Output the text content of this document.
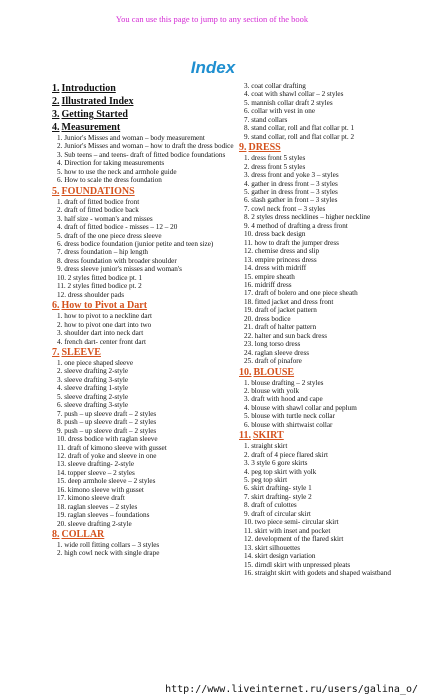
You can use this page to jump to any section of the book
Index
1. Introduction
2. Illustrated Index
3. Getting Started
4. Measurement
1. Junior's Misses and woman – body measurement
2. Junior's Misses and woman – how to draft the dress bodice
3. Sub teens – and teens- draft of fitted bodice foundations
4. Direction for taking measurements
5. how to use the neck and armhole guide
6. How to scale the dress foundation
5. FOUNDATIONS
1. draft of fitted bodice front
2. draft of fitted bodice back
3. half size - woman's and misses
4. draft of fitted bodice - misses – 12 – 20
5. draft of the one piece dress sleeve
6. dress bodice foundation (junior petite and teen size)
7. dress foundation – hip length
8. dress foundation with broader shoulder
9. dress sleeve junior's misses and woman's
10. 2 styles fitted bodice pt. 1
11. 2 styles fitted bodice pt. 2
12. dress shoulder pads
6. How to Pivot a Dart
1. how to pivot to a neckline dart
2. how to pivot one dart into two
3. shoulder dart into neck dart
4. french dart- center front dart
7. SLEEVE
1. one piece shaped sleeve
2. sleeve drafting 2-style
3. sleeve drafting 3-style
4. sleeve drafting 1-style
5. sleeve drafting 2-style
6. sleeve drafting 3-style
7. push – up sleeve draft – 2 styles
8. push – up sleeve draft – 2 styles
9. push – up sleeve draft – 2 styles
10. dress bodice with raglan sleeve
11. draft of kimono sleeve with gusset
12. draft of yoke and sleeve in one
13. sleeve drafting- 2-style
14. topper sleeve – 2 styles
15. deep armhole sleeve – 2 styles
16. kimono sleeve with gusset
17. kimono sleeve draft
18. raglan sleeves – 2 styles
19. raglan sleeves – foundations
20. sleeve drafting 2-style
8. COLLAR
1. wide roll fitting collars – 3 styles
2. high cowl neck with single drape
3. coat collar drafting
4. coat with shawl collar – 2 styles
5. mannish collar draft 2 styles
6. collar with vest in one
7. stand collars
8. stand collar, roll and flat collar pt. 1
9. stand collar, roll and flat collar pt. 2
9. DRESS
1. dress front 5 styles
2. dress front 5 styles
3. dress front and yoke 3 – styles
4. gather in dress front – 3 styles
5. gather in dress front – 3 styles
6. slash gather in front – 3 styles
7. cowl neck front – 3 styles
8. 2 styles dress necklines – higher neckline
9. 4 method of drafting a dress front
10. dress back design
11. how to draft the jumper dress
12. chemise dress and slip
13. empire princess dress
14. dress with midriff
15. empire sheath
16. midriff dress
17. draft of bolero and one piece sheath
18. fitted jacket and dress front
19. draft of jacket pattern
20. dress bodice
21. draft of halter pattern
22. halter and sun back dress
23. long torso dress
24. raglan sleeve dress
25. draft of pinafore
10. BLOUSE
1. blouse drafting – 2 styles
2. blouse with yolk
3. draft with hood and cape
4. blouse with shawl collar and peplum
5. blouse with turtle neck collar
6. blouse with shirtwaist collar
11. SKIRT
1. straight skirt
2. draft of 4 piece flared skirt
3. 3 style 6 gore skirts
4. peg top skirt with yolk
5. peg top skirt
6. skirt drafting- style 1
7. skirt drafting- style 2
8. draft of culottes
9. draft of circular skirt
10. two piece semi- circular skirt
11. skirt with inset and pocket
12. development of the flared skirt
13. skirt silhouettes
14. skirt design variation
15. dirndl skirt with unpressed pleats
16. straight skirt with godets and shaped waistband
http://www.liveinternet.ru/users/galina_o/
